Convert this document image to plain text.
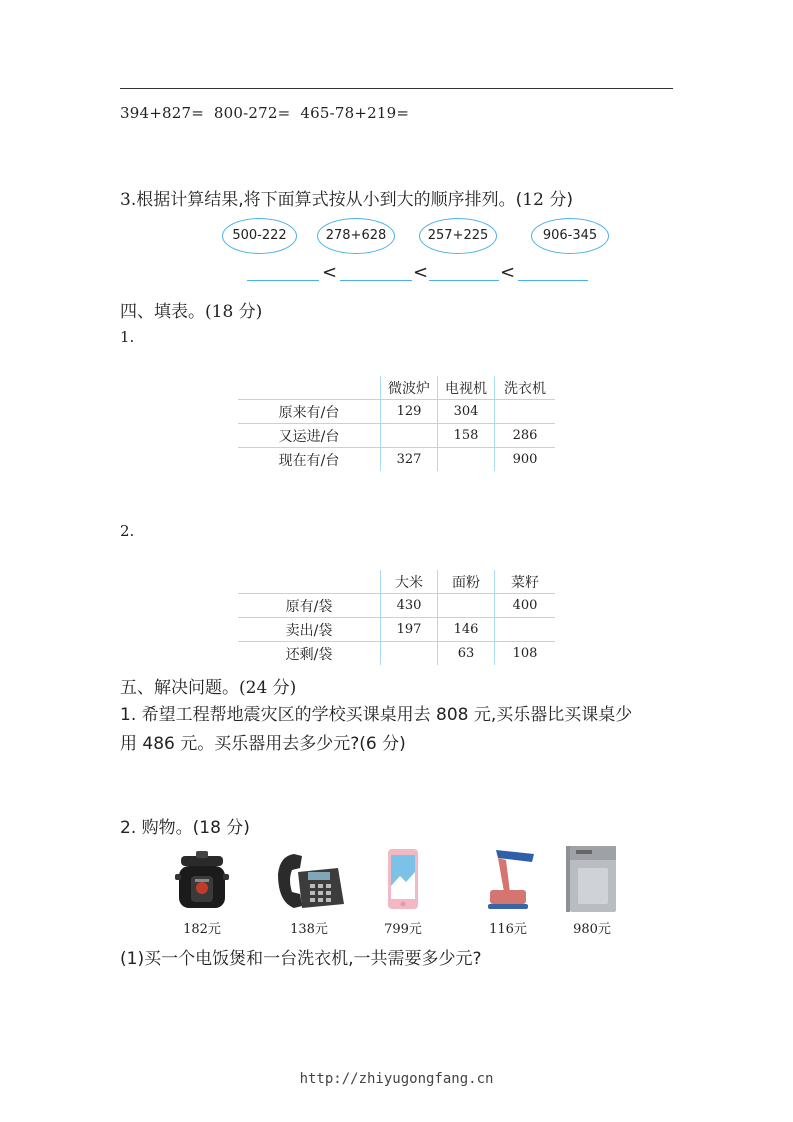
394+827=  800-272=  465-78+219=
3.根据计算结果,将下面算式按从小到大的顺序排列。(12 分)
500-222	278+628	257+225	906-345
<	<	<
四、填表。(18 分)
1.
	微波炉	电视机	洗衣机
原来有/台	129	304	
又运进/台		158	286
现在有/台	327		900
2.
	大米	面粉	菜籽
原有/袋	430		400
卖出/袋	197	146	
还剩/袋		63	108
五、解决问题。(24 分)
1. 希望工程帮地震灾区的学校买课桌用去 808 元,买乐器比买课桌少
用 486 元。买乐器用去多少元?(6 分)
2. 购物。(18 分)
182元	138元	799元	116元	980元
(1)买一个电饭煲和一台洗衣机,一共需要多少元?
http://zhiyugongfang.cn
